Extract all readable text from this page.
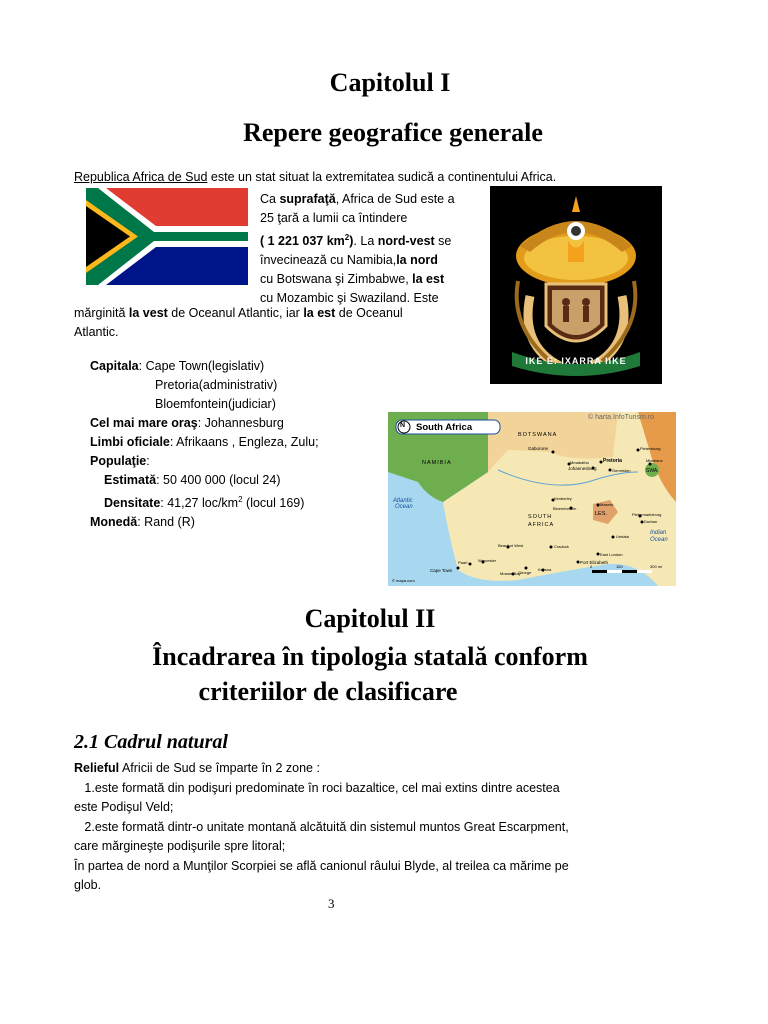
Capitolul I
Repere geografice generale
Republica Africa de Sud este un stat situat la extremitatea sudică a continentului Africa.
Ca suprafaţă, Africa de Sud este a
25 ţară a lumii ca întindere
( 1 221 037 $km^2$). La nord-vest se
învecinează cu Namibia,la nord
cu Botswana şi Zimbabwe, la est
cu Mozambic şi Swaziland. Este
mărginită la vest de Oceanul Atlantic, iar la est de Oceanul
Atlantic.
IKE E: IXARRA IIKE
Capitala: Cape Town(legislativ)
Pretoria(administrativ)
Bloemfontein(judiciar)
Cel mai mare oraş: Johannesburg
Limbi oficiale: Afrikaans , Engleza, Zulu;
Populaţie:
Estimată: 50 400 000 (locul 24)
Densitate: 41,27 loc/$km^2$ (locul 169)
Monedă: Rand (R)
South Africa
N
© harta.InfoTurism.ro
BOTSWANA
NAMIBIA
SOUTH
AFRICA
LES.
SWA.
Atlantic
Ocean
Indian
Ocean
Gaborone
Pretoria
Johannesburg
Mmabatho
Pietersburg
Germiston
Mbabane
Kimberley
Bloemfontein
Maseru
Pietermaritzburg
Durban
Umtata
East London
Port Elizabeth
Cradock
Beaufort West
George
Knysna
Mossel Bay
Worcester
Cape Town
Paarl
0	150	300 mi
© mapa.com
Capitolul II
Încadrarea în tipologia statală conform
criteriilor de clasificare
2.1 Cadrul natural
Relieful Africii de Sud se împarte în 2 zone :
1.este formată din podişuri predominate în roci bazaltice, cel mai extins dintre acestea
este Podişul Veld;
2.este formată dintr-o unitate montană alcătuită din sistemul muntos Great Escarpment,
care mărgineşte podişurile spre litoral;
În partea de nord a Munţilor Scorpiei se află canionul râului Blyde, al treilea ca mărime pe
glob.
3
